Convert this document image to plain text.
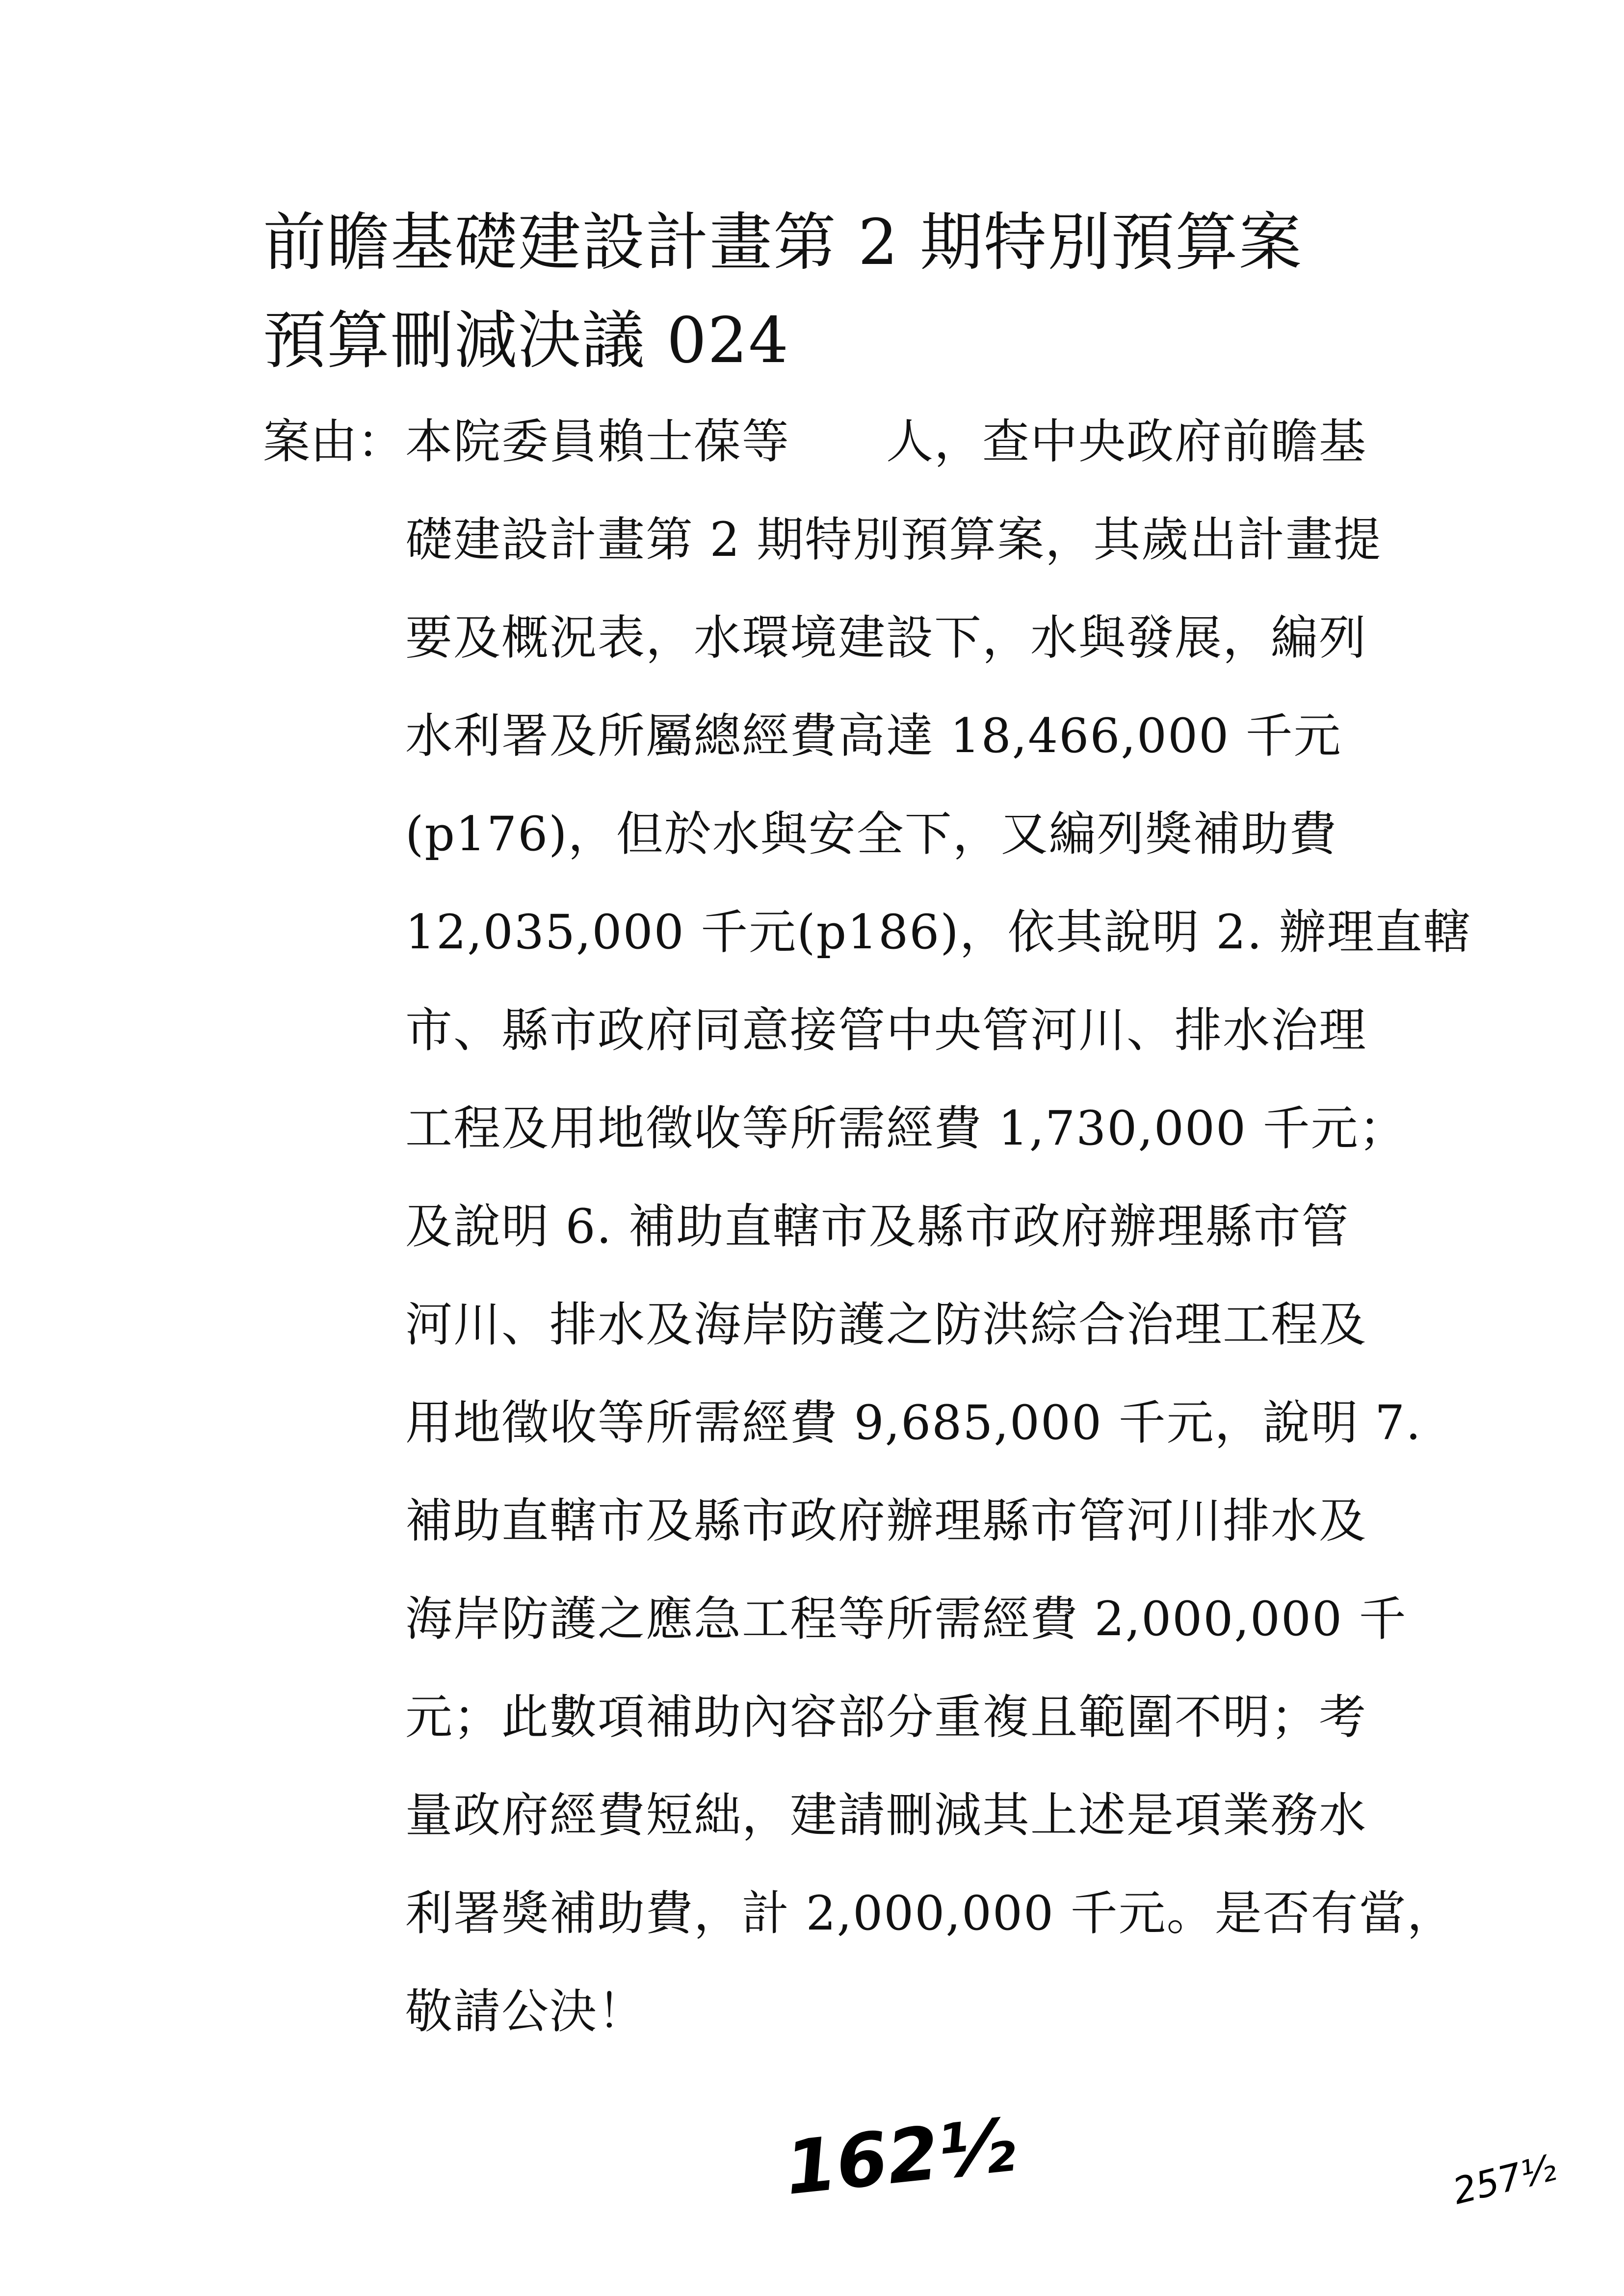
前瞻基礎建設計畫第 2 期特別預算案
預算刪減決議 024
案由： 本院委員賴士葆等　　人，查中央政府前瞻基
礎建設計畫第 2 期特別預算案，其歲出計畫提
要及概況表，水環境建設下，水與發展，編列
水利署及所屬總經費高達 18,466,000 千元
(p176)，但於水與安全下，又編列獎補助費
12,035,000 千元(p186)，依其說明 2. 辦理直轄
市、縣市政府同意接管中央管河川、排水治理
工程及用地徵收等所需經費 1,730,000 千元；
及說明 6. 補助直轄市及縣市政府辦理縣市管
河川、排水及海岸防護之防洪綜合治理工程及
用地徵收等所需經費 9,685,000 千元，說明 7.
補助直轄市及縣市政府辦理縣市管河川排水及
海岸防護之應急工程等所需經費 2,000,000 千
元；此數項補助內容部分重複且範圍不明；考
量政府經費短絀，建請刪減其上述是項業務水
利署獎補助費，計 2,000,000 千元。是否有當，
敬請公決！
162½	257½
